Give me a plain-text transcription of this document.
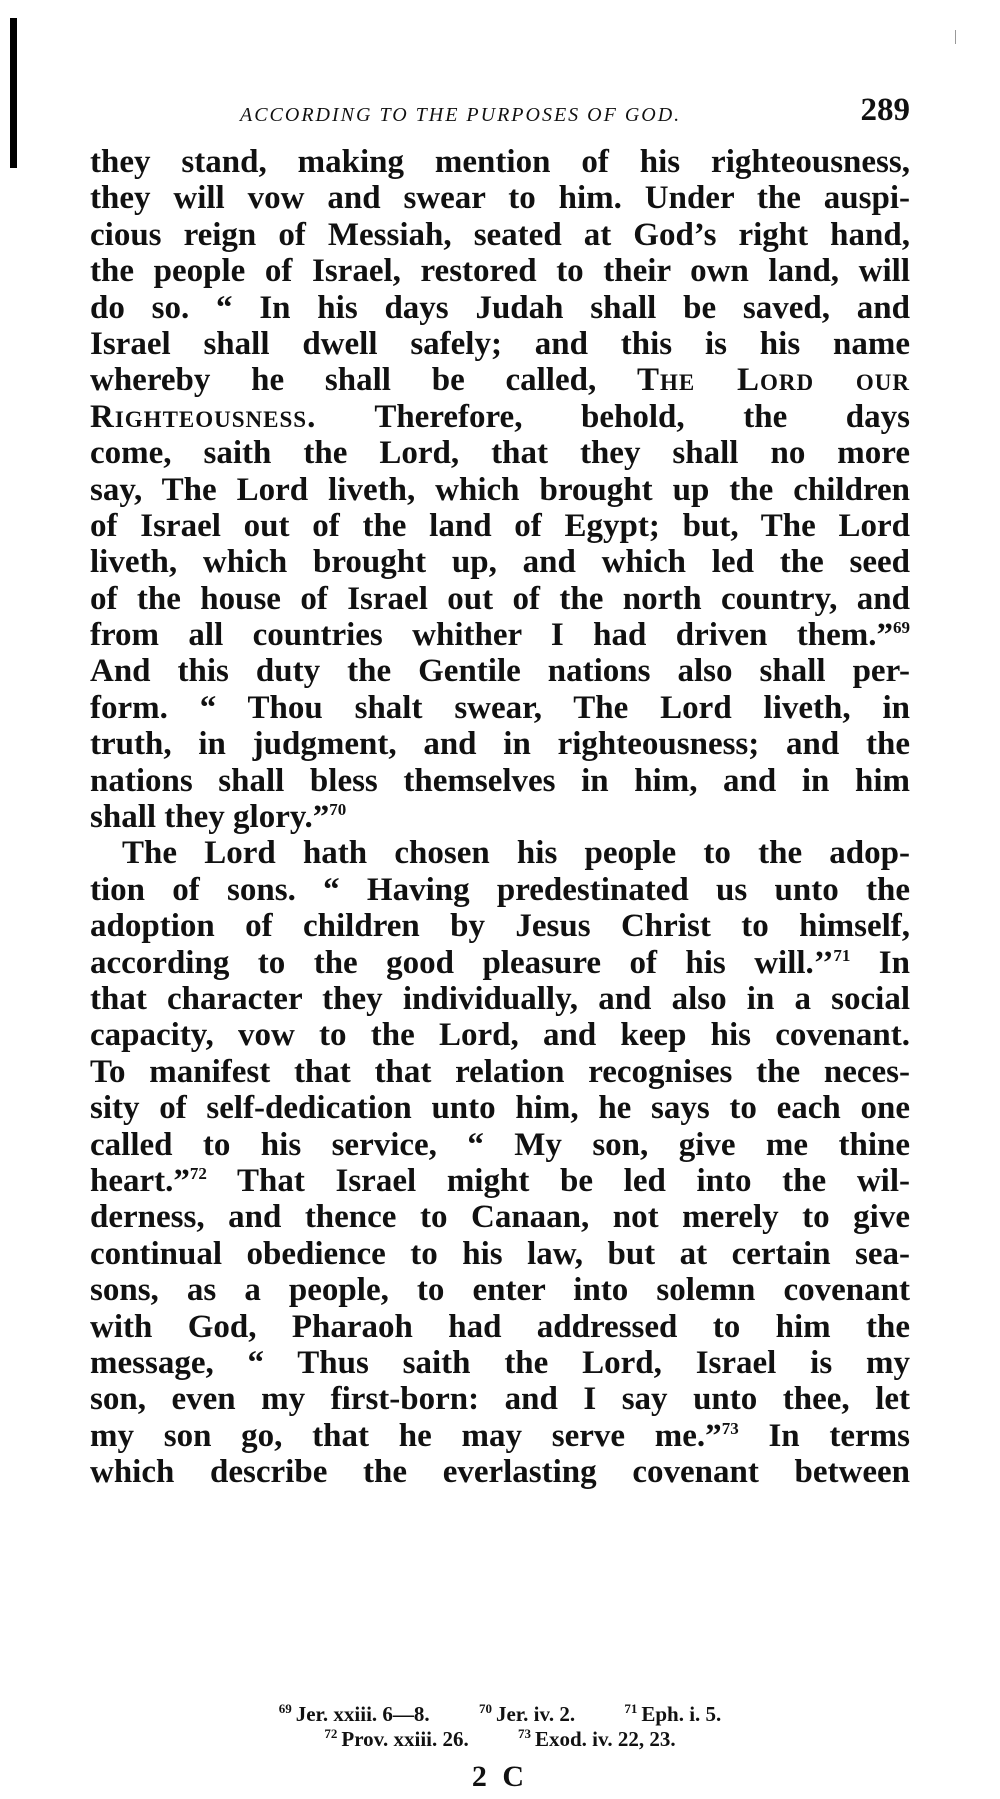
ACCORDING TO THE PURPOSES OF GOD.	289
they stand, making mention of his righteousness,
they will vow and swear to him. Under the auspi-
cious reign of Messiah, seated at God’s right hand,
the people of Israel, restored to their own land, will
do so. “ In his days Judah shall be saved, and
Israel shall dwell safely; and this is his name
whereby he shall be called, The Lord our
Righteousness. Therefore, behold, the days
come, saith the Lord, that they shall no more
say, The Lord liveth, which brought up the children
of Israel out of the land of Egypt; but, The Lord
liveth, which brought up, and which led the seed
of the house of Israel out of the north country, and
from all countries whither I had driven them.”$^{69}$
And this duty the Gentile nations also shall per-
form. “ Thou shalt swear, The Lord liveth, in
truth, in judgment, and in righteousness; and the
nations shall bless themselves in him, and in him
shall they glory.”$^{70}$
The Lord hath chosen his people to the adop-
tion of sons. “ Having predestinated us unto the
adoption of children by Jesus Christ to himself,
according to the good pleasure of his will.’’$^{71}$ In
that character they individually, and also in a social
capacity, vow to the Lord, and keep his covenant.
To manifest that that relation recognises the neces-
sity of self-dedication unto him, he says to each one
called to his service, “ My son, give me thine
heart.”$^{72}$ That Israel might be led into the wil-
derness, and thence to Canaan, not merely to give
continual obedience to his law, but at certain sea-
sons, as a people, to enter into solemn covenant
with God, Pharaoh had addressed to him the
message, “ Thus saith the Lord, Israel is my
son, even my first-born: and I say unto thee, let
my son go, that he may serve me.”$^{73}$ In terms
which describe the everlasting covenant between
$^{69}$ Jer. xxiii. 6—8.	$^{70}$ Jer. iv. 2.	$^{71}$ Eph. i. 5.
$^{72}$ Prov. xxiii. 26.	$^{73}$ Exod. iv. 22, 23.
2 C
